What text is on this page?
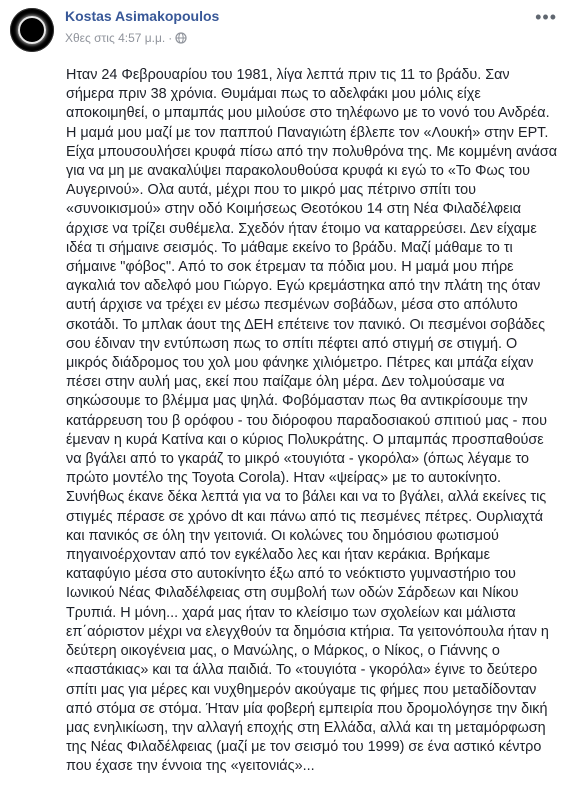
Kostas Asimakopoulos
Χθες στις 4:57 μ.μ. ·
•••

Ηταν 24 Φεβρουαρίου του 1981, λίγα λεπτά πριν τις 11 το βράδυ. Σαν σήμερα πριν 38 χρόνια. Θυμάμαι πως το αδελφάκι μου μόλις είχε αποκοιμηθεί, ο μπαμπάς μου μιλούσε στο τηλέφωνο με το νονό του Ανδρέα. Η μαμά μου μαζί με τον παππού Παναγιώτη έβλεπε τον «Λουκή» στην ΕΡΤ. Είχα μπουσουλήσει κρυφά πίσω από την πολυθρόνα της. Με κομμένη ανάσα για να μη με ανακαλύψει παρακολουθούσα κρυφά κι εγώ το «Το Φως του Αυγερινού». Ολα αυτά, μέχρι που το μικρό μας πέτρινο σπίτι του «συνοικισμού» στην οδό Κοιμήσεως Θεοτόκου 14 στη Νέα Φιλαδέλφεια άρχισε να τρίζει συθέμελα. Σχεδόν ήταν έτοιμο να καταρρεύσει. Δεν είχαμε ιδέα τι σήμαινε σεισμός. Το μάθαμε εκείνο το βράδυ. Μαζί μάθαμε το τι σήμαινε "φόβος". Από το σοκ έτρεμαν τα πόδια μου. Η μαμά μου πήρε αγκαλιά τον αδελφό μου Γιώργο. Εγώ κρεμάστηκα από την πλάτη της όταν αυτή άρχισε να τρέχει εν μέσω πεσμένων σοβάδων, μέσα στο απόλυτο σκοτάδι. Το μπλακ άουτ της ΔΕΗ επέτεινε τον πανικό. Οι πεσμένοι σοβάδες σου έδιναν την εντύπωση πως το σπίτι πέφτει από στιγμή σε στιγμή. Ο μικρός διάδρομος του χολ μου φάνηκε χιλιόμετρο. Πέτρες και μπάζα είχαν πέσει στην αυλή μας, εκεί που παίζαμε όλη μέρα. Δεν τολμούσαμε να σηκώσουμε το βλέμμα μας ψηλά. Φοβόμασταν πως θα αντικρίσουμε την κατάρρευση του β ορόφου - του διόροφου παραδοσιακού σπιτιού μας - που έμεναν η κυρά Κατίνα και ο κύριος Πολυκράτης. Ο μπαμπάς προσπαθούσε να βγάλει από το γκαράζ το μικρό «τουγιότα - γκορόλα» (όπως λέγαμε το πρώτο μοντέλο της Toyota Corola). Ηταν «ψείρας» με το αυτοκίνητο. Συνήθως έκανε δέκα λεπτά για να το βάλει και να το βγάλει, αλλά εκείνες τις στιγμές πέρασε σε χρόνο dt και πάνω από τις πεσμένες πέτρες. Ουρλιαχτά και πανικός σε όλη την γειτονιά. Οι κολώνες του δημόσιου φωτισμού πηγαινοέρχονταν από τον εγκέλαδο λες και ήταν κεράκια. Βρήκαμε καταφύγιο μέσα στο αυτοκίνητο έξω από το νεόκτιστο γυμναστήριο του Ιωνικού Νέας Φιλαδέλφειας στη συμβολή των οδών Σάρδεων και Νίκου Τρυπιά. Η μόνη... χαρά μας ήταν το κλείσιμο των σχολείων και μάλιστα επ΄αόριστον μέχρι να ελεγχθούν τα δημόσια κτήρια. Τα γειτονόπουλα ήταν η δεύτερη οικογένεια μας, ο Μανώλης, ο Μάρκος, ο Νίκος, ο Γιάννης ο «παστάκιας» και τα άλλα παιδιά. Το «τουγιότα - γκορόλα» έγινε το δεύτερο σπίτι μας για μέρες και νυχθημερόν ακούγαμε τις φήμες που μεταδίδονταν από στόμα σε στόμα. Ήταν μία φοβερή εμπειρία που δρομολόγησε την δική μας ενηλικίωση, την αλλαγή εποχής στη Ελλάδα, αλλά και τη μεταμόρφωση της Νέας Φιλαδέλφειας (μαζί με τον σεισμό του 1999) σε ένα αστικό κέντρο που έχασε την έννοια της «γειτονιάς»...
